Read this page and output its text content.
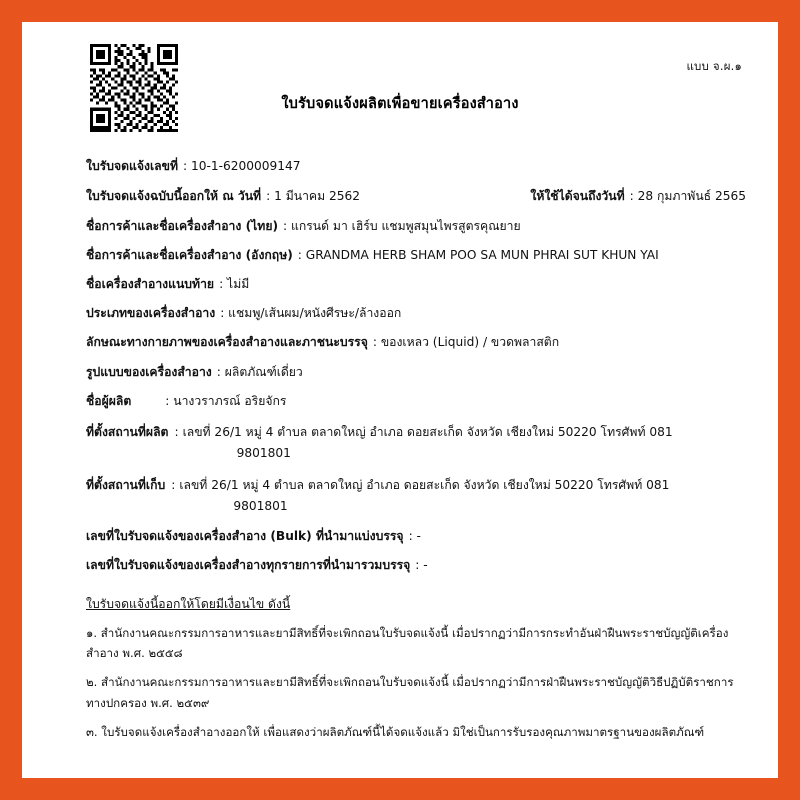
แบบ จ.ผ.๑
ใบรับจดแจ้งผลิตเพื่อขายเครื่องสำอาง
ใบรับจดแจ้งเลขที่ : 10-1-6200009147
ใบรับจดแจ้งฉบับนี้ออกให้ ณ วันที่ : 1 มีนาคม 2562	ให้ใช้ได้จนถึงวันที่ : 28 กุมภาพันธ์ 2565
ชื่อการค้าและชื่อเครื่องสำอาง (ไทย) : แกรนด์ มา เฮิร์บ แชมพูสมุนไพรสูตรคุณยาย
ชื่อการค้าและชื่อเครื่องสำอาง (อังกฤษ) : GRANDMA HERB SHAM POO SA MUN PHRAI SUT KHUN YAI
ชื่อเครื่องสำอางแนบท้าย : ไม่มี
ประเภทของเครื่องสำอาง : แชมพู/เส้นผม/หนังศีรษะ/ล้างออก
ลักษณะทางกายภาพของเครื่องสำอางและภาชนะบรรจุ : ของเหลว (Liquid) / ขวดพลาสติก
รูปแบบของเครื่องสำอาง : ผลิตภัณฑ์เดี่ยว
ชื่อผู้ผลิต	: นางวราภรณ์ อริยจักร
ที่ตั้งสถานที่ผลิต : เลขที่ 26/1 หมู่ 4 ตำบล ตลาดใหญ่ อำเภอ ดอยสะเก็ด จังหวัด เชียงใหม่ 50220 โทรศัพท์ 081
9801801
ที่ตั้งสถานที่เก็บ : เลขที่ 26/1 หมู่ 4 ตำบล ตลาดใหญ่ อำเภอ ดอยสะเก็ด จังหวัด เชียงใหม่ 50220 โทรศัพท์ 081
9801801
เลขที่ใบรับจดแจ้งของเครื่องสำอาง (Bulk) ที่นำมาแบ่งบรรจุ : -
เลขที่ใบรับจดแจ้งของเครื่องสำอางทุกรายการที่นำมารวมบรรจุ : -
ใบรับจดแจ้งนี้ออกให้โดยมีเงื่อนไข ดังนี้
๑. สำนักงานคณะกรรมการอาหารและยามีสิทธิ์ที่จะเพิกถอนใบรับจดแจ้งนี้ เมื่อปรากฏว่ามีการกระทำอันฝ่าฝืนพระราชบัญญัติเครื่องสำอาง พ.ศ. ๒๕๕๘
๒. สำนักงานคณะกรรมการอาหารและยามีสิทธิ์ที่จะเพิกถอนใบรับจดแจ้งนี้ เมื่อปรากฏว่ามีการฝ่าฝืนพระราชบัญญัติวิธีปฏิบัติราชการทางปกครอง พ.ศ. ๒๕๓๙
๓. ใบรับจดแจ้งเครื่องสำอางออกให้ เพื่อแสดงว่าผลิตภัณฑ์นี้ได้จดแจ้งแล้ว มิใช่เป็นการรับรองคุณภาพมาตรฐานของผลิตภัณฑ์
